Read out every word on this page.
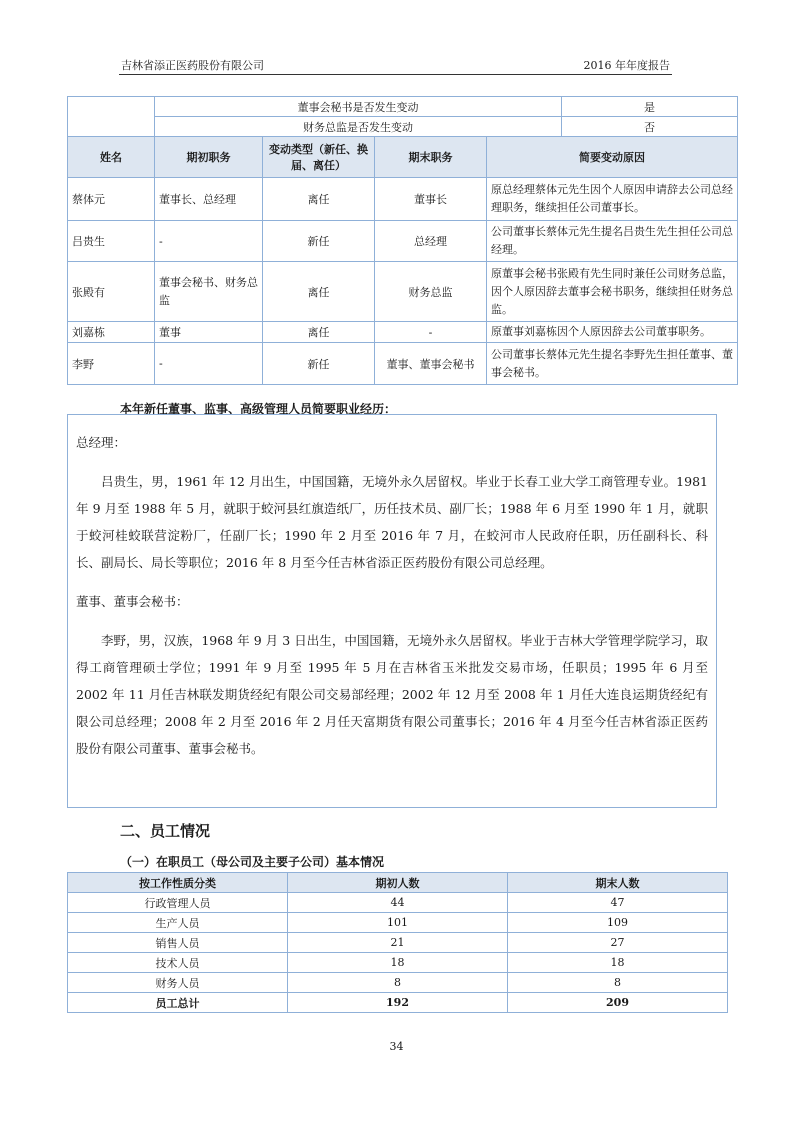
吉林省添正医药股份有限公司	2016 年年度报告
	董事会秘书是否发生变动				是
	财务总监是否发生变动				否
姓名	期初职务	变动类型（新任、换届、离任）	期末职务	简要变动原因	
蔡体元	董事长、总经理	离任	董事长	原总经理蔡体元先生因个人原因申请辞去公司总经理职务，继续担任公司董事长。	
吕贵生	-	新任	总经理	公司董事长蔡体元先生提名吕贵生先生担任公司总经理。	
张殿有	董事会秘书、财务总监	离任	财务总监	原董事会秘书张殿有先生同时兼任公司财务总监，因个人原因辞去董事会秘书职务，继续担任财务总监。	
刘嘉栋	董事	离任	-	原董事刘嘉栋因个人原因辞去公司董事职务。	
李野	-	新任	董事、董事会秘书	公司董事长蔡体元先生提名李野先生担任董事、董事会秘书。	
本年新任董事、监事、高级管理人员简要职业经历：

总经理：

吕贵生，男，1961 年 12 月出生，中国国籍，无境外永久居留权。毕业于长春工业大学工商管理专业。1981 年 9 月至 1988 年 5 月，就职于蛟河县红旗造纸厂，历任技术员、副厂长；1988 年 6 月至 1990 年 1 月，就职于蛟河桂蛟联营淀粉厂，任副厂长；1990 年 2 月至 2016 年 7 月，在蛟河市人民政府任职，历任副科长、科长、副局长、局长等职位；2016 年 8 月至今任吉林省添正医药股份有限公司总经理。

董事、董事会秘书：

李野，男，汉族，1968 年 9 月 3 日出生，中国国籍，无境外永久居留权。毕业于吉林大学管理学院学习，取得工商管理硕士学位；1991 年 9 月至 1995 年 5 月在吉林省玉米批发交易市场，任职员；1995 年 6 月至 2002 年 11 月任吉林联发期货经纪有限公司交易部经理；2002 年 12 月至 2008 年 1 月任大连良运期货经纪有限公司总经理；2008 年 2 月至 2016 年 2 月任天富期货有限公司董事长；2016 年 4 月至今任吉林省添正医药股份有限公司董事、董事会秘书。

二、员工情况
（一）在职员工（母公司及主要子公司）基本情况
按工作性质分类	期初人数	期末人数
行政管理人员	44	47
生产人员	101	109
销售人员	21	27
技术人员	18	18
财务人员	8	8
员工总计	192	209
34
